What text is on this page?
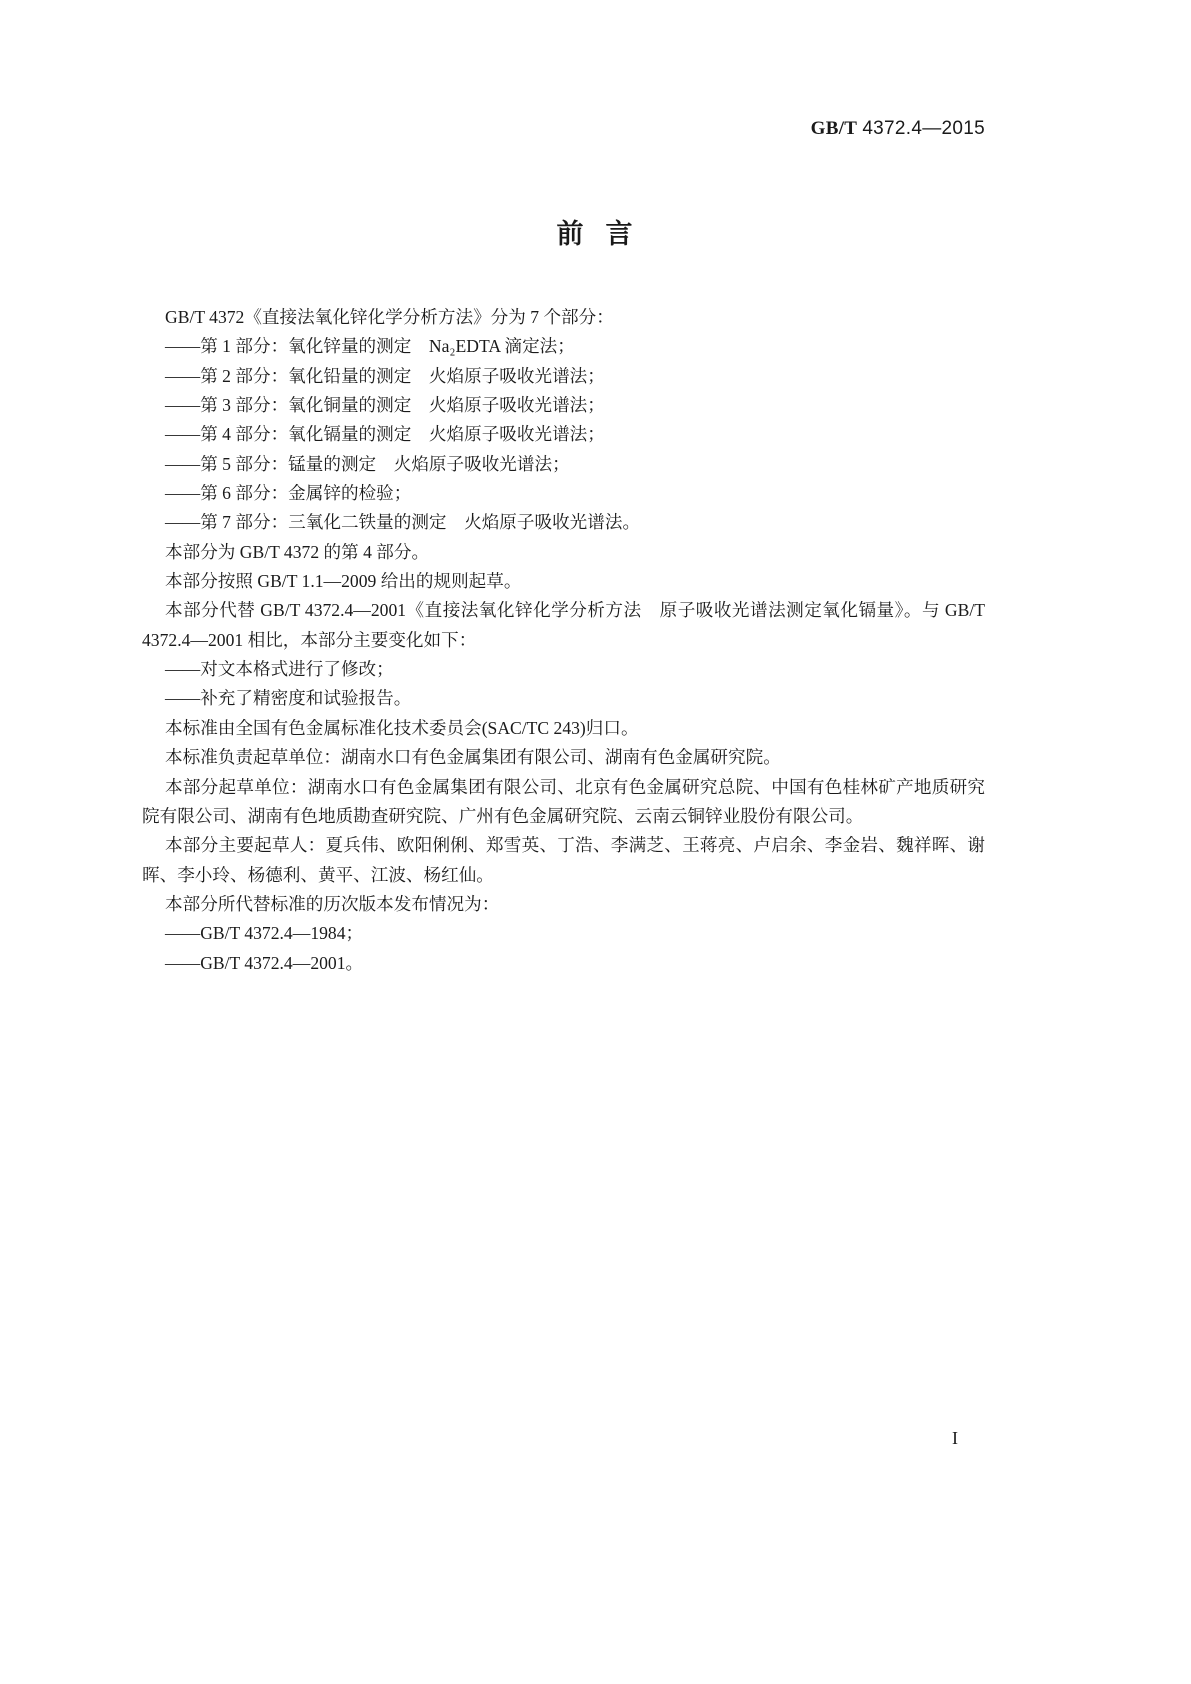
GB/T 4372.4—2015
前 言

GB/T 4372《直接法氧化锌化学分析方法》分为 7 个部分：

——第 1 部分：氧化锌量的测定　Na₂EDTA 滴定法；

——第 2 部分：氧化铅量的测定　火焰原子吸收光谱法；

——第 3 部分：氧化铜量的测定　火焰原子吸收光谱法；

——第 4 部分：氧化镉量的测定　火焰原子吸收光谱法；

——第 5 部分：锰量的测定　火焰原子吸收光谱法；

——第 6 部分：金属锌的检验；

——第 7 部分：三氧化二铁量的测定　火焰原子吸收光谱法。

本部分为 GB/T 4372 的第 4 部分。

本部分按照 GB/T 1.1—2009 给出的规则起草。

本部分代替 GB/T 4372.4—2001《直接法氧化锌化学分析方法　原子吸收光谱法测定氧化镉量》。与 GB/T 4372.4—2001 相比，本部分主要变化如下：

——对文本格式进行了修改；

——补充了精密度和试验报告。

本标准由全国有色金属标准化技术委员会(SAC/TC 243)归口。

本标准负责起草单位：湖南水口有色金属集团有限公司、湖南有色金属研究院。

本部分起草单位：湖南水口有色金属集团有限公司、北京有色金属研究总院、中国有色桂林矿产地质研究院有限公司、湖南有色地质勘查研究院、广州有色金属研究院、云南云铜锌业股份有限公司。

本部分主要起草人：夏兵伟、欧阳俐俐、郑雪英、丁浩、李满芝、王蒋亮、卢启余、李金岩、魏祥晖、谢晖、李小玲、杨德利、黄平、江波、杨红仙。

本部分所代替标准的历次版本发布情况为：

——GB/T 4372.4—1984；

——GB/T 4372.4—2001。

I
